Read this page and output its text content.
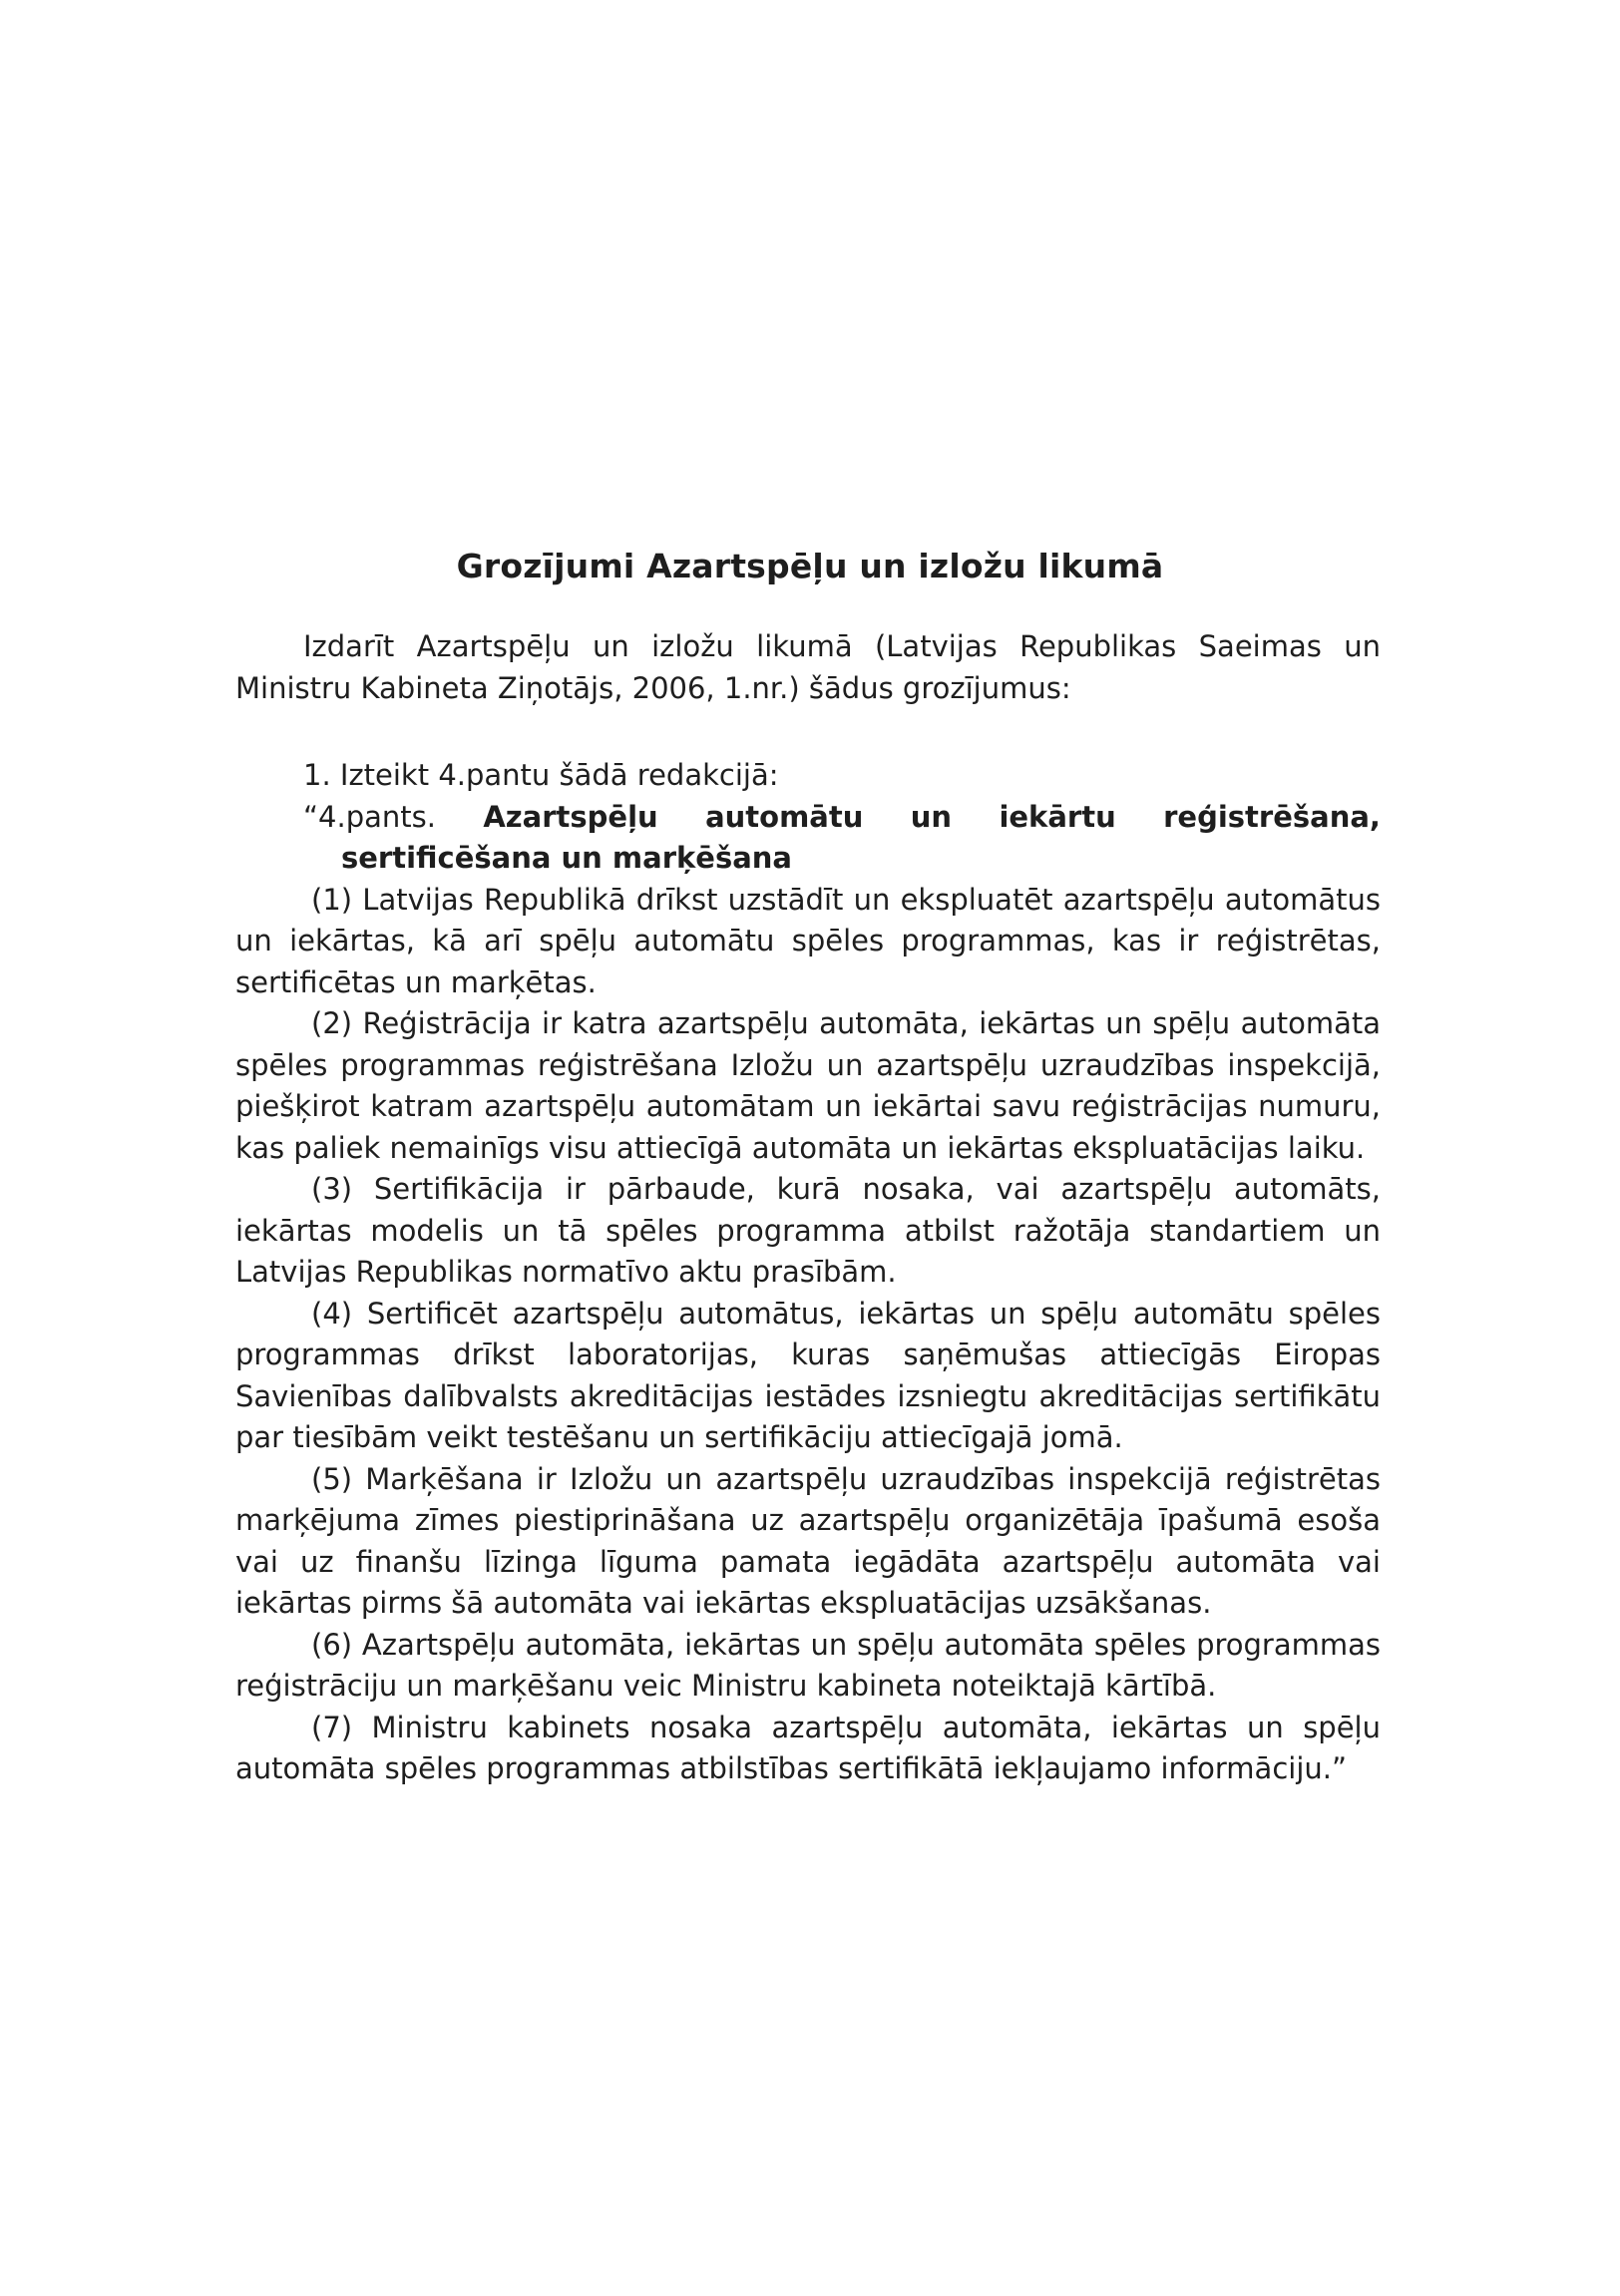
Grozījumi Azartspēļu un izložu likumā

Izdarīt Azartspēļu un izložu likumā (Latvijas Republikas Saeimas un Ministru Kabineta Ziņotājs, 2006, 1.nr.) šādus grozījumus:

1. Izteikt 4.pantu šādā redakcijā:

“4.pants. Azartspēļu automātu un iekārtu reģistrēšana,

sertificēšana un marķēšana

(1) Latvijas Republikā drīkst uzstādīt un ekspluatēt azartspēļu automātus un iekārtas, kā arī spēļu automātu spēles programmas, kas ir reģistrētas, sertificētas un marķētas.

(2) Reģistrācija ir katra azartspēļu automāta, iekārtas un spēļu automāta spēles programmas reģistrēšana Izložu un azartspēļu uzraudzības inspekcijā, piešķirot katram azartspēļu automātam un iekārtai savu reģistrācijas numuru, kas paliek nemainīgs visu attiecīgā automāta un iekārtas ekspluatācijas laiku.

(3) Sertifikācija ir pārbaude, kurā nosaka, vai azartspēļu automāts, iekārtas modelis un tā spēles programma atbilst ražotāja standartiem un Latvijas Republikas normatīvo aktu prasībām.

(4) Sertificēt azartspēļu automātus, iekārtas un spēļu automātu spēles programmas drīkst laboratorijas, kuras saņēmušas attiecīgās Eiropas Savienības dalībvalsts akreditācijas iestādes izsniegtu akreditācijas sertifikātu par tiesībām veikt testēšanu un sertifikāciju attiecīgajā jomā.

(5) Marķēšana ir Izložu un azartspēļu uzraudzības inspekcijā reģistrētas marķējuma zīmes piestiprināšana uz azartspēļu organizētāja īpašumā esoša vai uz finanšu līzinga līguma pamata iegādāta azartspēļu automāta vai iekārtas pirms šā automāta vai iekārtas ekspluatācijas uzsākšanas.

(6) Azartspēļu automāta, iekārtas un spēļu automāta spēles programmas reģistrāciju un marķēšanu veic Ministru kabineta noteiktajā kārtībā.

(7) Ministru kabinets nosaka azartspēļu automāta, iekārtas un spēļu automāta spēles programmas atbilstības sertifikātā iekļaujamo informāciju.”
